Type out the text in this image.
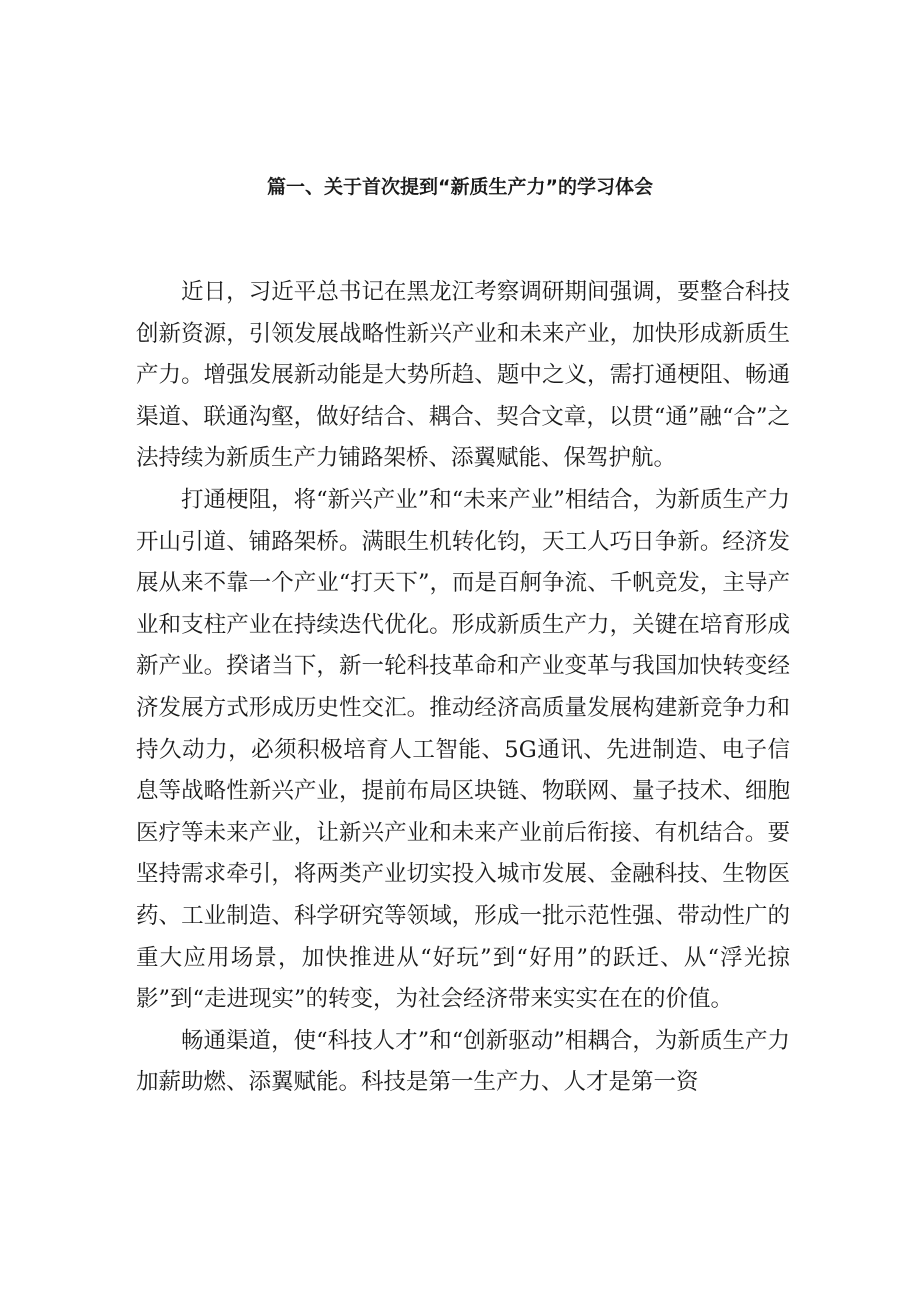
篇一、关于首次提到“新质生产力”的学习体会

近日，习近平总书记在黑龙江考察调研期间强调，要整合科技创新资源，引领发展战略性新兴产业和未来产业，加快形成新质生产力。增强发展新动能是大势所趋、题中之义，需打通梗阻、畅通渠道、联通沟壑，做好结合、耦合、契合文章，以贯“通”融“合”之法持续为新质生产力铺路架桥、添翼赋能、保驾护航。

打通梗阻，将“新兴产业”和“未来产业”相结合，为新质生产力开山引道、铺路架桥。满眼生机转化钧，天工人巧日争新。经济发展从来不靠一个产业“打天下”，而是百舸争流、千帆竞发，主导产业和支柱产业在持续迭代优化。形成新质生产力，关键在培育形成新产业。揆诸当下，新一轮科技革命和产业变革与我国加快转变经济发展方式形成历史性交汇。推动经济高质量发展构建新竞争力和持久动力，必须积极培育人工智能、5G通讯、先进制造、电子信息等战略性新兴产业，提前布局区块链、物联网、量子技术、细胞医疗等未来产业，让新兴产业和未来产业前后衔接、有机结合。要坚持需求牵引，将两类产业切实投入城市发展、金融科技、生物医药、工业制造、科学研究等领域，形成一批示范性强、带动性广的重大应用场景，加快推进从“好玩”到“好用”的跃迁、从“浮光掠影”到“走进现实”的转变，为社会经济带来实实在在的价值。

畅通渠道，使“科技人才”和“创新驱动”相耦合，为新质生产力加薪助燃、添翼赋能。科技是第一生产力、人才是第一资
